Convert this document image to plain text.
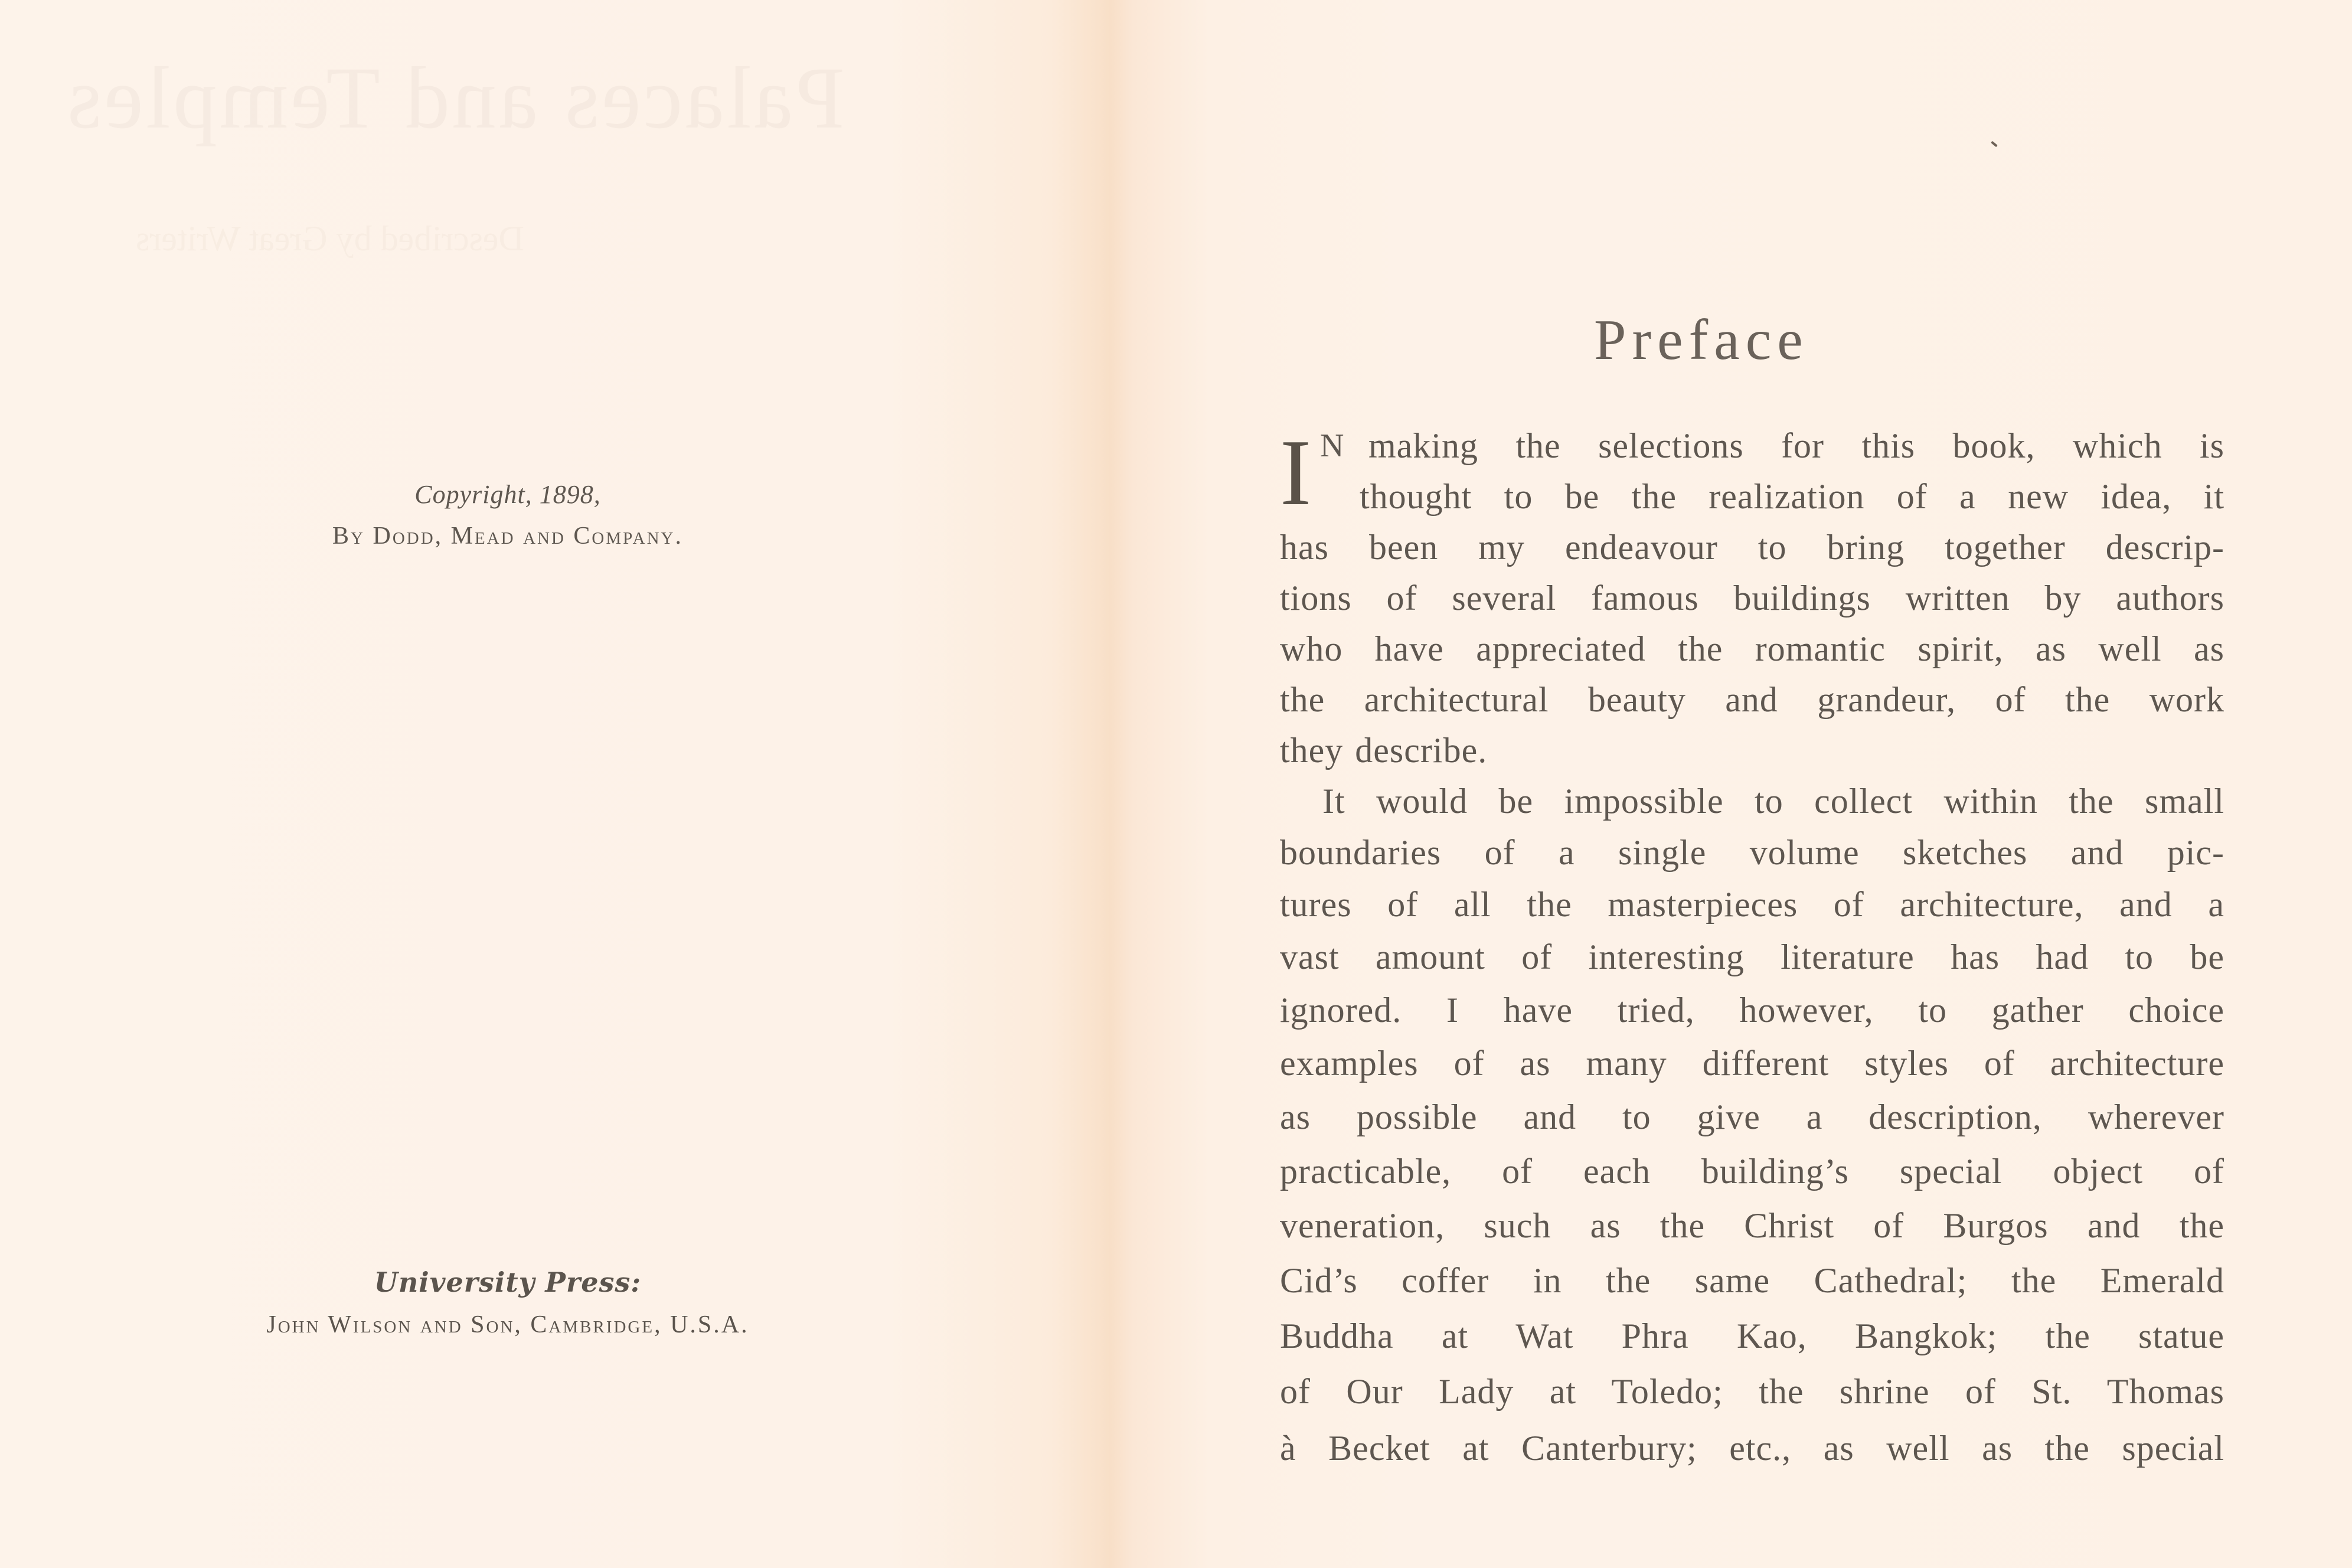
Palaces and Temples
Copyright, 1898,
By Dodd, Mead and Company.
University Press:
John Wilson and Son, Cambridge, U.S.A.
Preface
I N making the selections for this book, which is
thought to be the realization of a new idea, it
has been my endeavour to bring together descrip-
tions of several famous buildings written by authors
who have appreciated the romantic spirit, as well as
the architectural beauty and grandeur, of the work
they describe.
It would be impossible to collect within the small
boundaries of a single volume sketches and pic-
tures of all the masterpieces of architecture, and a
vast amount of interesting literature has had to be
ignored. I have tried, however, to gather choice
examples of as many different styles of architecture
as possible and to give a description, wherever
practicable, of each building’s special object of
veneration, such as the Christ of Burgos and the
Cid’s coffer in the same Cathedral; the Emerald
Buddha at Wat Phra Kao, Bangkok; the statue
of Our Lady at Toledo; the shrine of St. Thomas
à Becket at Canterbury; etc., as well as the special
